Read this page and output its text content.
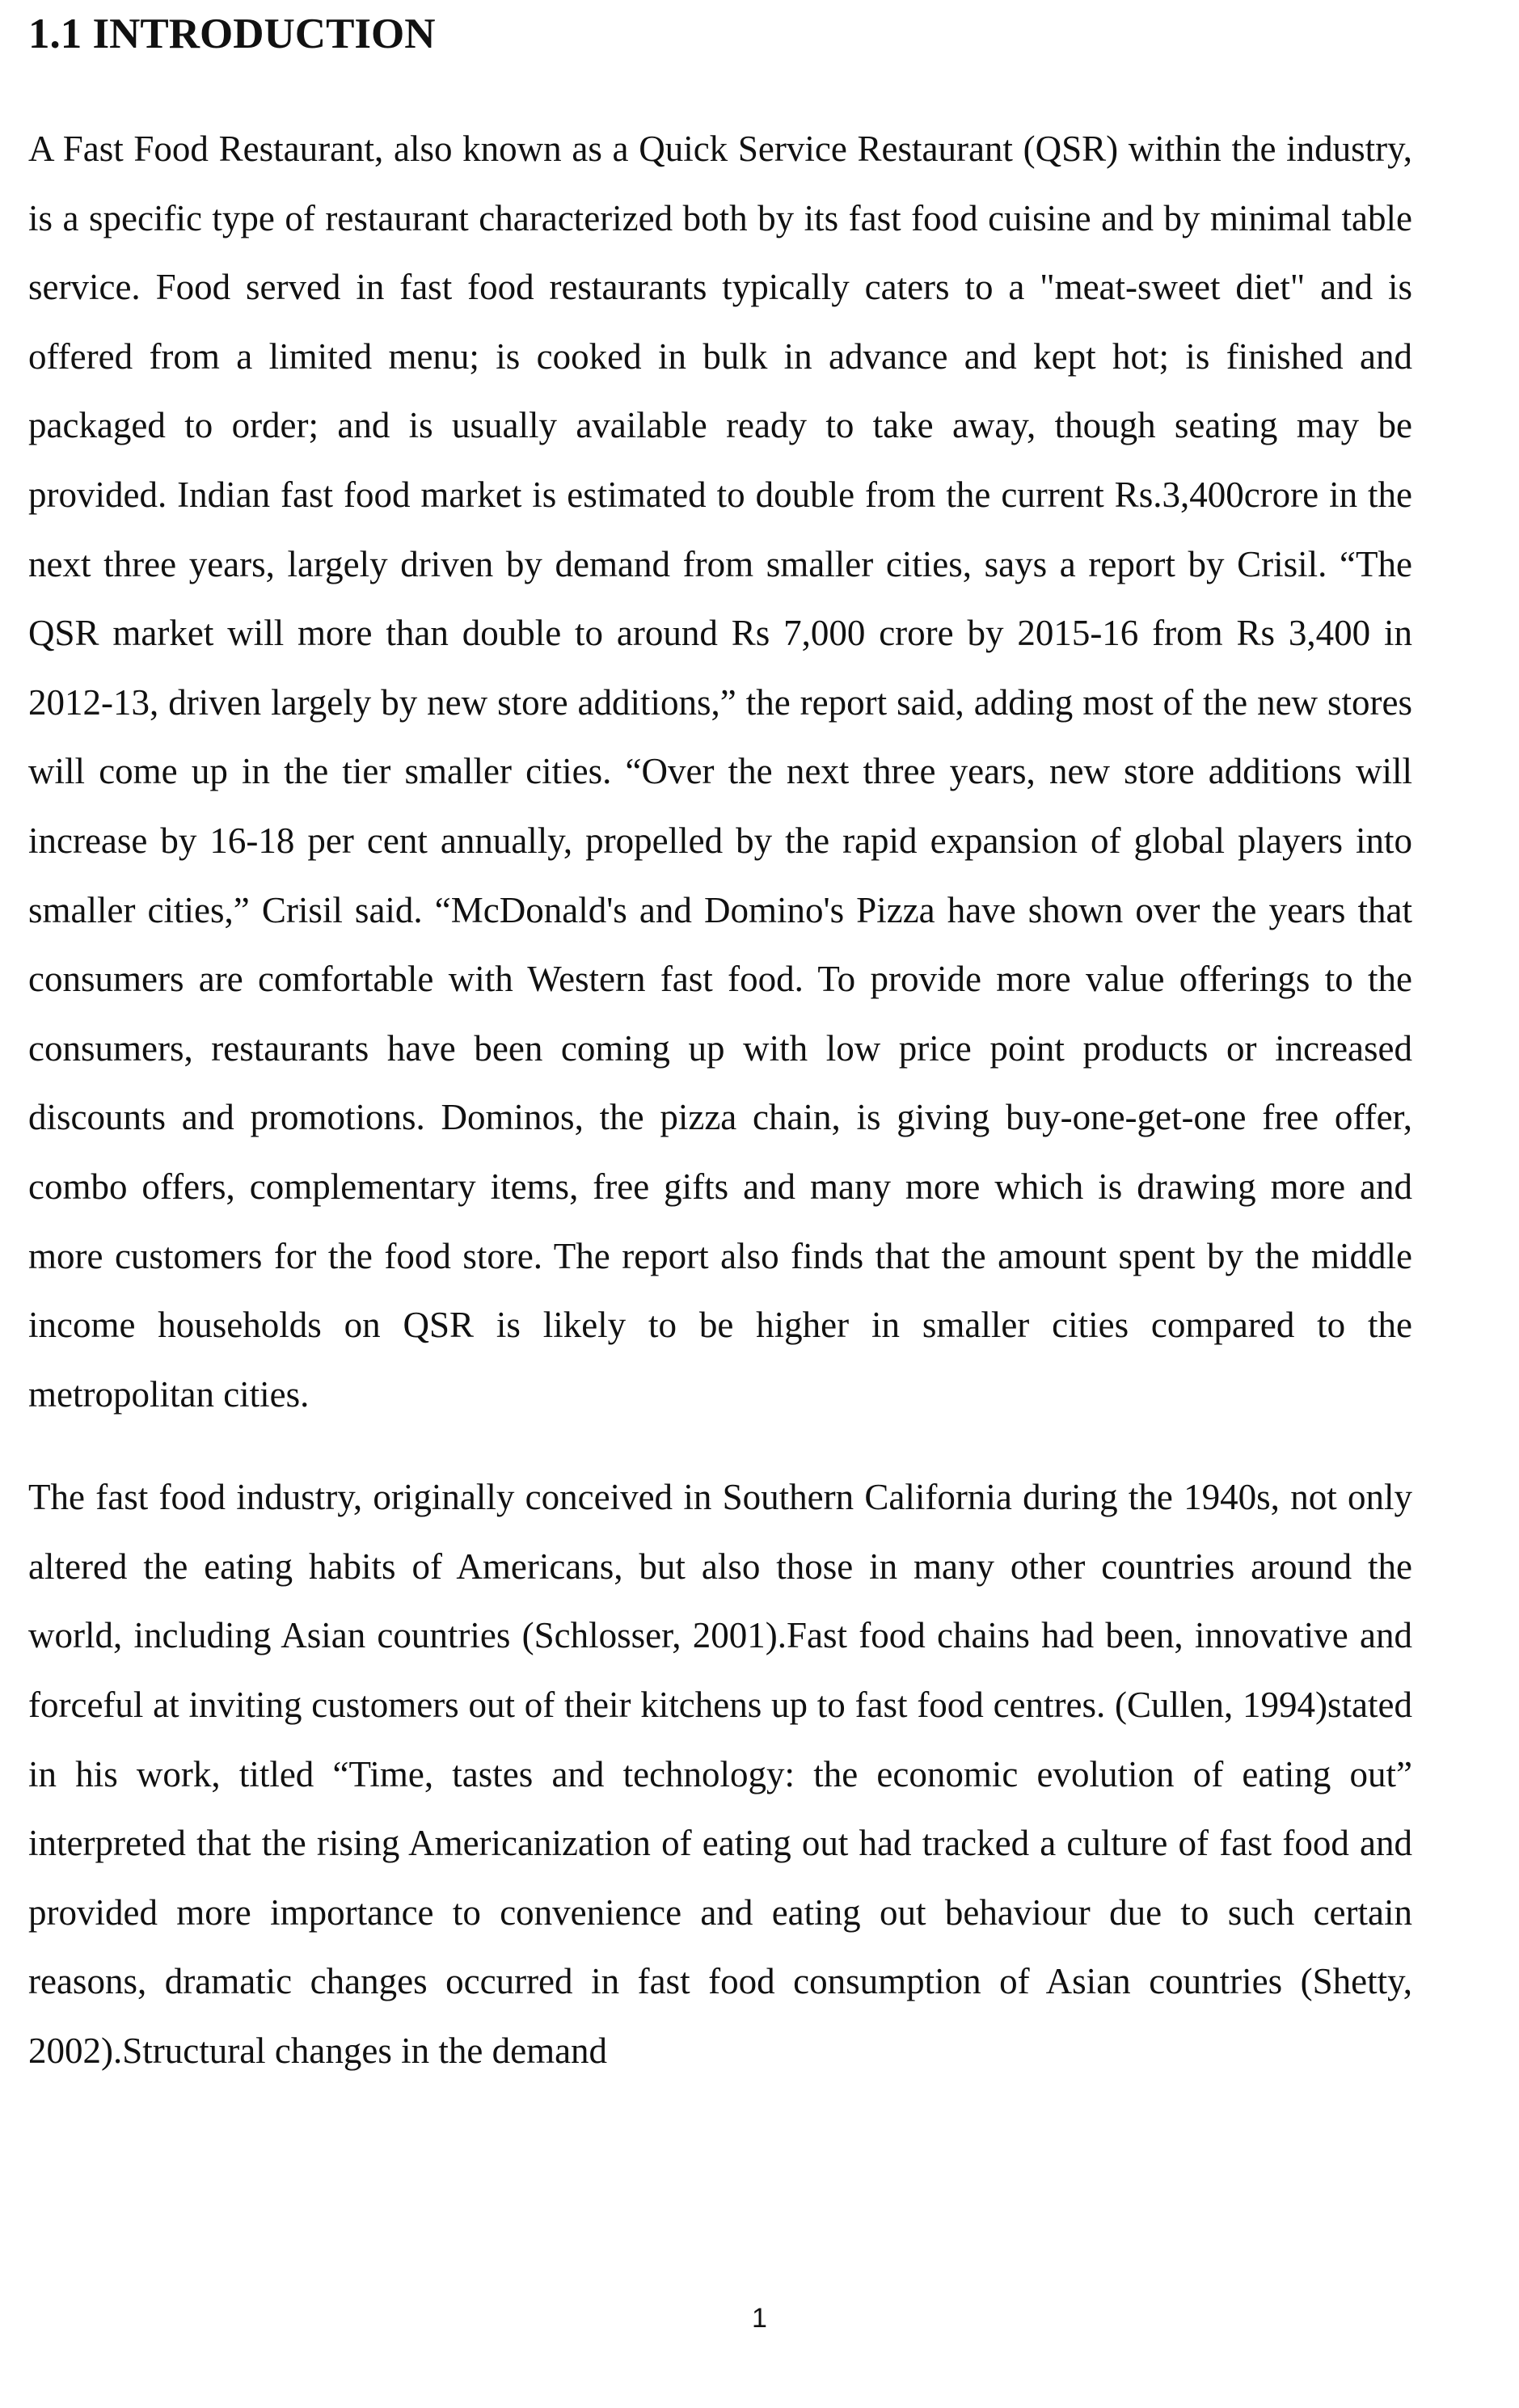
1.1 INTRODUCTION

A Fast Food Restaurant, also known as a Quick Service Restaurant (QSR) within the industry, is a specific type of restaurant characterized both by its fast food cuisine and by minimal table service. Food served in fast food restaurants typically caters to a "meat-sweet diet" and is offered from a limited menu; is cooked in bulk in advance and kept hot; is finished and packaged to order; and is usually available ready to take away, though seating may be provided. Indian fast food market is estimated to double from the current Rs.3,400crore in the next three years, largely driven by demand from smaller cities, says a report by Crisil. “The QSR market will more than double to around Rs 7,000 crore by 2015-16 from Rs 3,400 in 2012-13, driven largely by new store additions,” the report said, adding most of the new stores will come up in the tier smaller cities. “Over the next three years, new store additions will increase by 16-18 per cent annually, propelled by the rapid expansion of global players into smaller cities,” Crisil said. “McDonald's and Domino's Pizza have shown over the years that consumers are comfortable with Western fast food. To provide more value offerings to the consumers, restaurants have been coming up with low price point products or increased discounts and promotions. Dominos, the pizza chain, is giving buy-one-get-one free offer, combo offers, complementary items, free gifts and many more which is drawing more and more customers for the food store. The report also finds that the amount spent by the middle income households on QSR is likely to be higher in smaller cities compared to the metropolitan cities.

The fast food industry, originally conceived in Southern California during the 1940s, not only altered the eating habits of Americans, but also those in many other countries around the world, including Asian countries (Schlosser, 2001).Fast food chains had been, innovative and forceful at inviting customers out of their kitchens up to fast food centres. (Cullen, 1994)stated in his work, titled “Time, tastes and technology: the economic evolution of eating out” interpreted that the rising Americanization of eating out had tracked a culture of fast food and provided more importance to convenience and eating out behaviour due to such certain reasons, dramatic changes occurred in fast food consumption of Asian countries (Shetty, 2002).Structural changes in the demand

1
